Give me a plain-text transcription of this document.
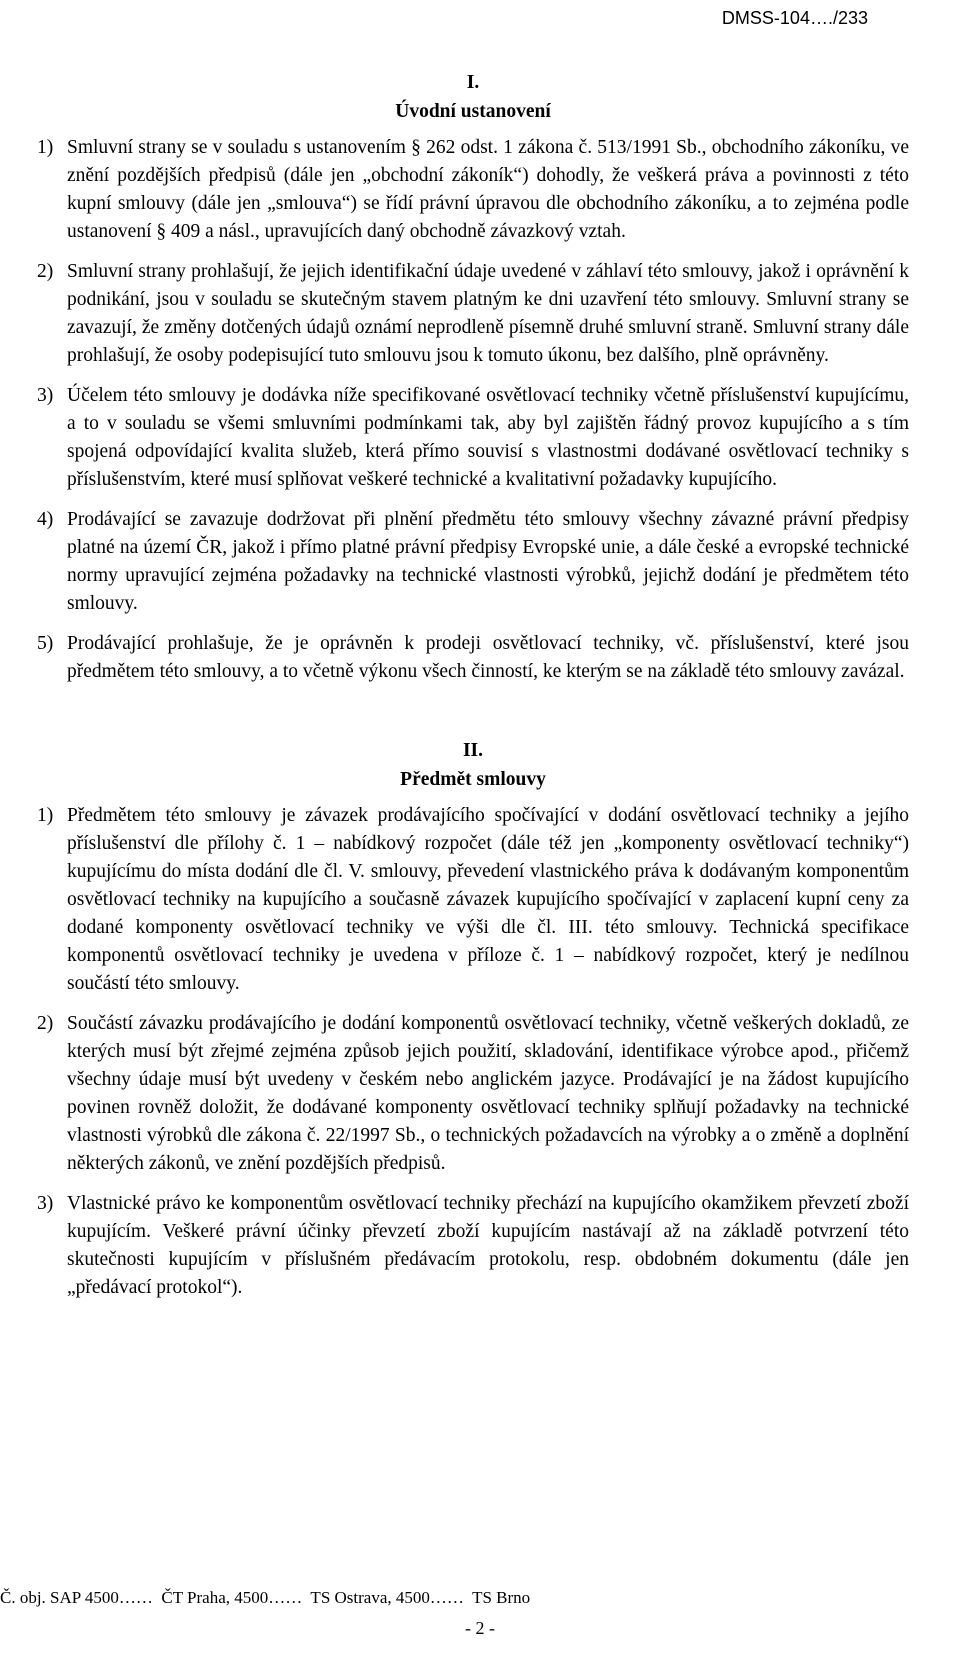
DMSS-104…./233
I.
Úvodní ustanovení
1) Smluvní strany se v souladu s ustanovením § 262 odst. 1 zákona č. 513/1991 Sb., obchodního zákoníku, ve znění pozdějších předpisů (dále jen „obchodní zákoník“) dohodly, že veškerá práva a povinnosti z této kupní smlouvy (dále jen „smlouva“) se řídí právní úpravou dle obchodního zákoníku, a to zejména podle ustanovení § 409 a násl., upravujících daný obchodně závazkový vztah.
2) Smluvní strany prohlašují, že jejich identifikační údaje uvedené v záhlaví této smlouvy, jakož i oprávnění k podnikání, jsou v souladu se skutečným stavem platným ke dni uzavření této smlouvy. Smluvní strany se zavazují, že změny dotčených údajů oznámí neprodleně písemně druhé smluvní straně. Smluvní strany dále prohlašují, že osoby podepisující tuto smlouvu jsou k tomuto úkonu, bez dalšího, plně oprávněny.
3) Účelem této smlouvy je dodávka níže specifikované osvětlovací techniky včetně příslušenství kupujícímu, a to v souladu se všemi smluvními podmínkami tak, aby byl zajištěn řádný provoz kupujícího a s tím spojená odpovídající kvalita služeb, která přímo souvisí s vlastnostmi dodávané osvětlovací techniky s příslušenstvím, které musí splňovat veškeré technické a kvalitativní požadavky kupujícího.
4) Prodávající se zavazuje dodržovat při plnění předmětu této smlouvy všechny závazné právní předpisy platné na území ČR, jakož i přímo platné právní předpisy Evropské unie, a dále české a evropské technické normy upravující zejména požadavky na technické vlastnosti výrobků, jejichž dodání je předmětem této smlouvy.
5) Prodávající prohlašuje, že je oprávněn k prodeji osvětlovací techniky, vč. příslušenství, které jsou předmětem této smlouvy, a to včetně výkonu všech činností, ke kterým se na základě této smlouvy zavázal.
II.
Předmět smlouvy
1) Předmětem této smlouvy je závazek prodávajícího spočívající v dodání osvětlovací techniky a jejího příslušenství dle přílohy č. 1 – nabídkový rozpočet (dále též jen „komponenty osvětlovací techniky“) kupujícímu do místa dodání dle čl. V. smlouvy, převedení vlastnického práva k dodávaným komponentům osvětlovací techniky na kupujícího a současně závazek kupujícího spočívající v zaplacení kupní ceny za dodané komponenty osvětlovací techniky ve výši dle čl. III. této smlouvy. Technická specifikace komponentů osvětlovací techniky je uvedena v příloze č. 1 – nabídkový rozpočet, který je nedílnou součástí této smlouvy.
2) Součástí závazku prodávajícího je dodání komponentů osvětlovací techniky, včetně veškerých dokladů, ze kterých musí být zřejmé zejména způsob jejich použití, skladování, identifikace výrobce apod., přičemž všechny údaje musí být uvedeny v českém nebo anglickém jazyce. Prodávající je na žádost kupujícího povinen rovněž doložit, že dodávané komponenty osvětlovací techniky splňují požadavky na technické vlastnosti výrobků dle zákona č. 22/1997 Sb., o technických požadavcích na výrobky a o změně a doplnění některých zákonů, ve znění pozdějších předpisů.
3) Vlastnické právo ke komponentům osvětlovací techniky přechází na kupujícího okamžikem převzetí zboží kupujícím. Veškeré právní účinky převzetí zboží kupujícím nastávají až na základě potvrzení této skutečnosti kupujícím v příslušném předávacím protokolu, resp. obdobném dokumentu (dále jen „předávací protokol“).
Č. obj. SAP 4500……  ČT Praha, 4500……  TS Ostrava, 4500……  TS Brno
- 2 -
